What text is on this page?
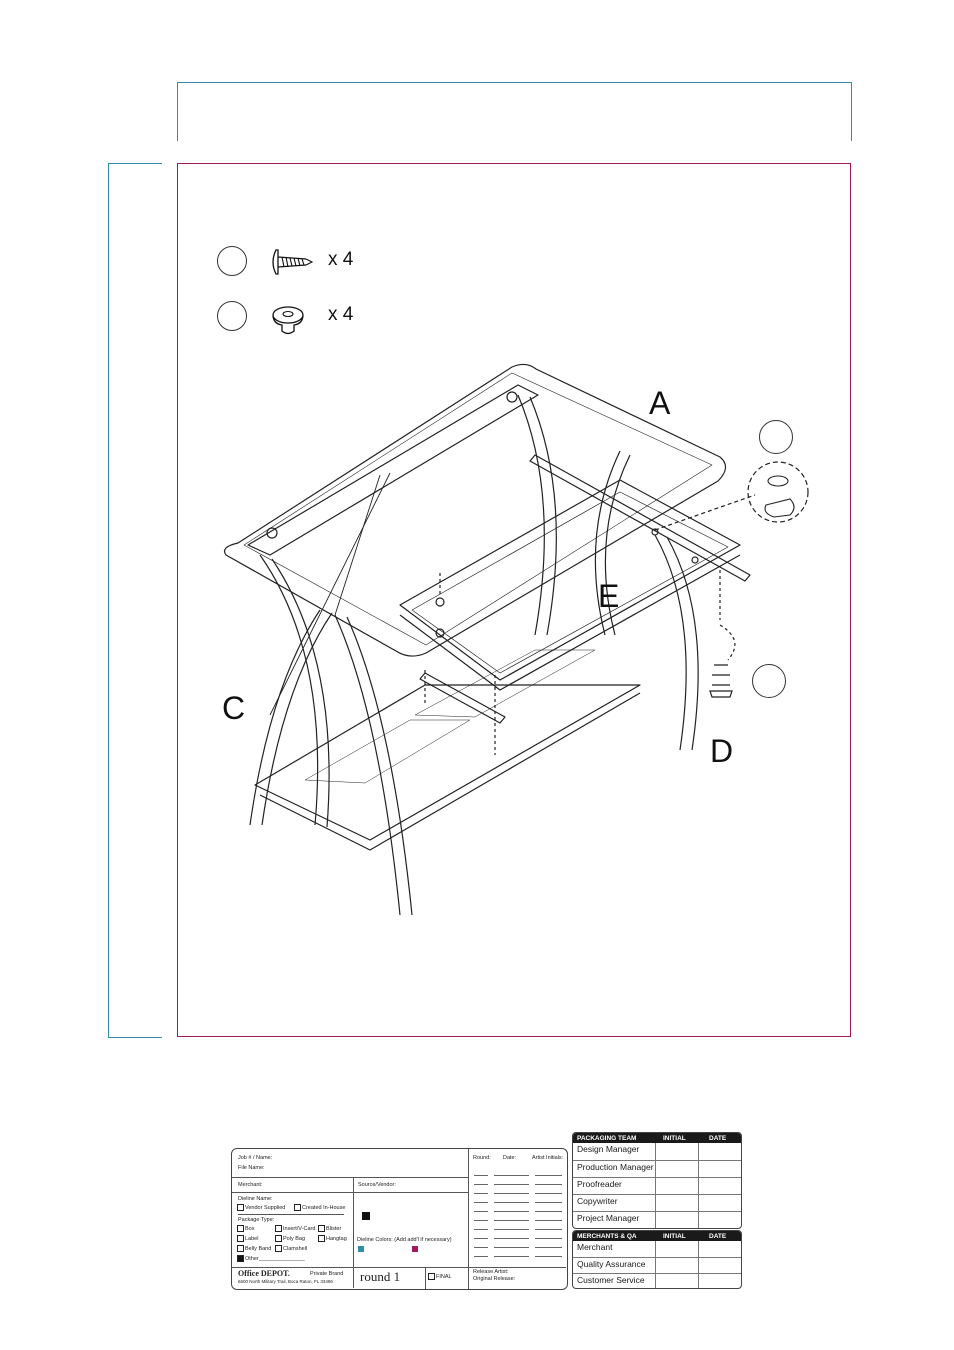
x 4
x 4
A
E
C
D
Job # / Name:
File Name:
Merchant:	Source/Vendor:
Dieline Name:
Vendor Supplied	Created In-House
Package Type:
Box	Insert/V-Card	Blister
Label	Poly Bag	Hangtag
Belly Band	Clamshell
Other_______________
Dieline Colors: (Add add'l if necessary)
Office DEPOT.	Private Brand
6600 North Military Trail, Boca Raton, FL 33496 round 1	FINAL
Round: Date:	Artist Initials:
Release Artist:
Original Release:
PACKAGING TEAM	INITIAL	DATE
Design Manager
Production Manager
Proofreader
Copywriter
Project Manager
MERCHANTS & QA	INITIAL	DATE
Merchant
Quality Assurance
Customer Service
